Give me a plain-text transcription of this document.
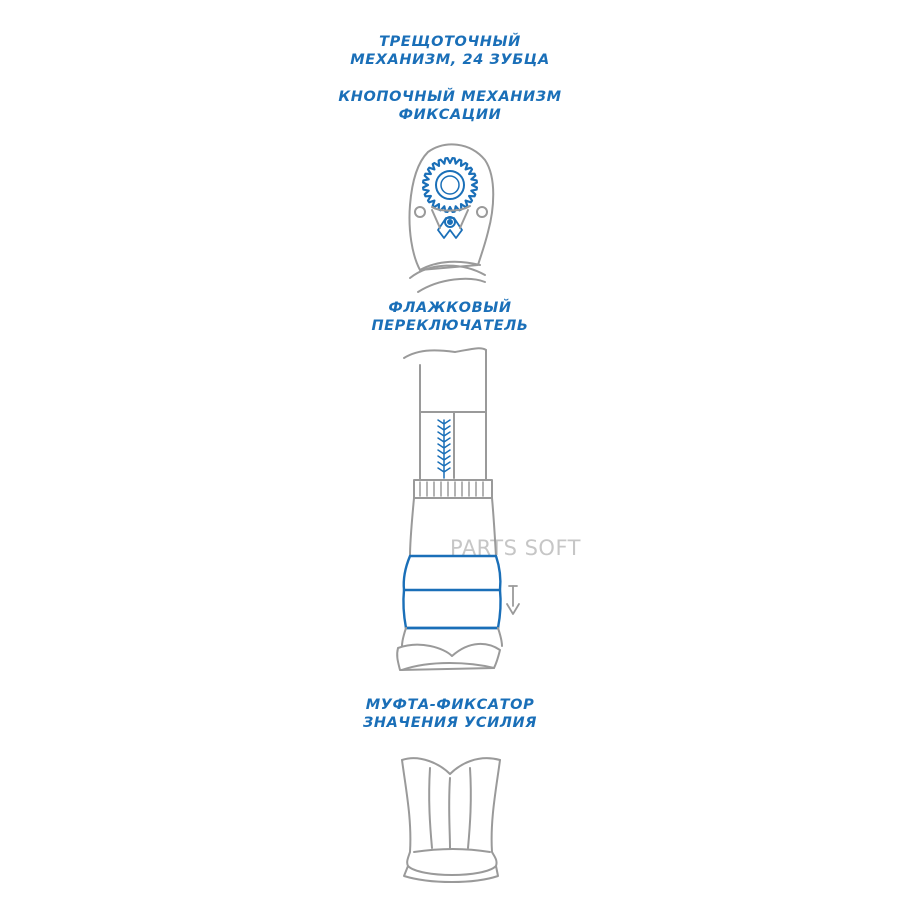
ТРЕЩОТОЧНЫЙ
МЕХАНИЗМ, 24 ЗУБЦА
КНОПОЧНЫЙ МЕХАНИЗМ
ФИКСАЦИИ
ФЛАЖКОВЫЙ
ПЕРЕКЛЮЧАТЕЛЬ
МУФТА-ФИКСАТОР
ЗНАЧЕНИЯ УСИЛИЯ
PARTS SOFT
